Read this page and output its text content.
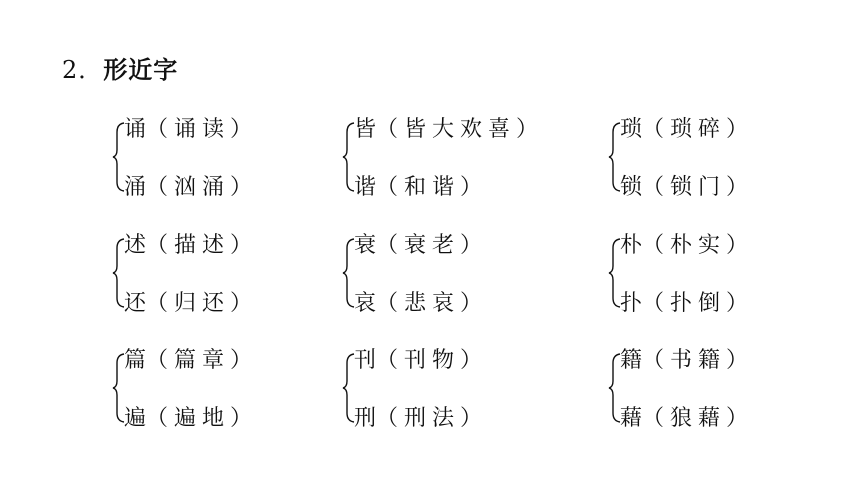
2．形近字
诵（诵读）
涌（汹涌）
皆（皆大欢喜）
谐（和谐）
琐（琐碎）
锁（锁门）
述（描述）
还（归还）
衰（衰老）
哀（悲哀）
朴（朴实）
扑（扑倒）
篇（篇章）
遍（遍地）
刊（刊物）
刑（刑法）
籍（书籍）
藉（狼藉）
